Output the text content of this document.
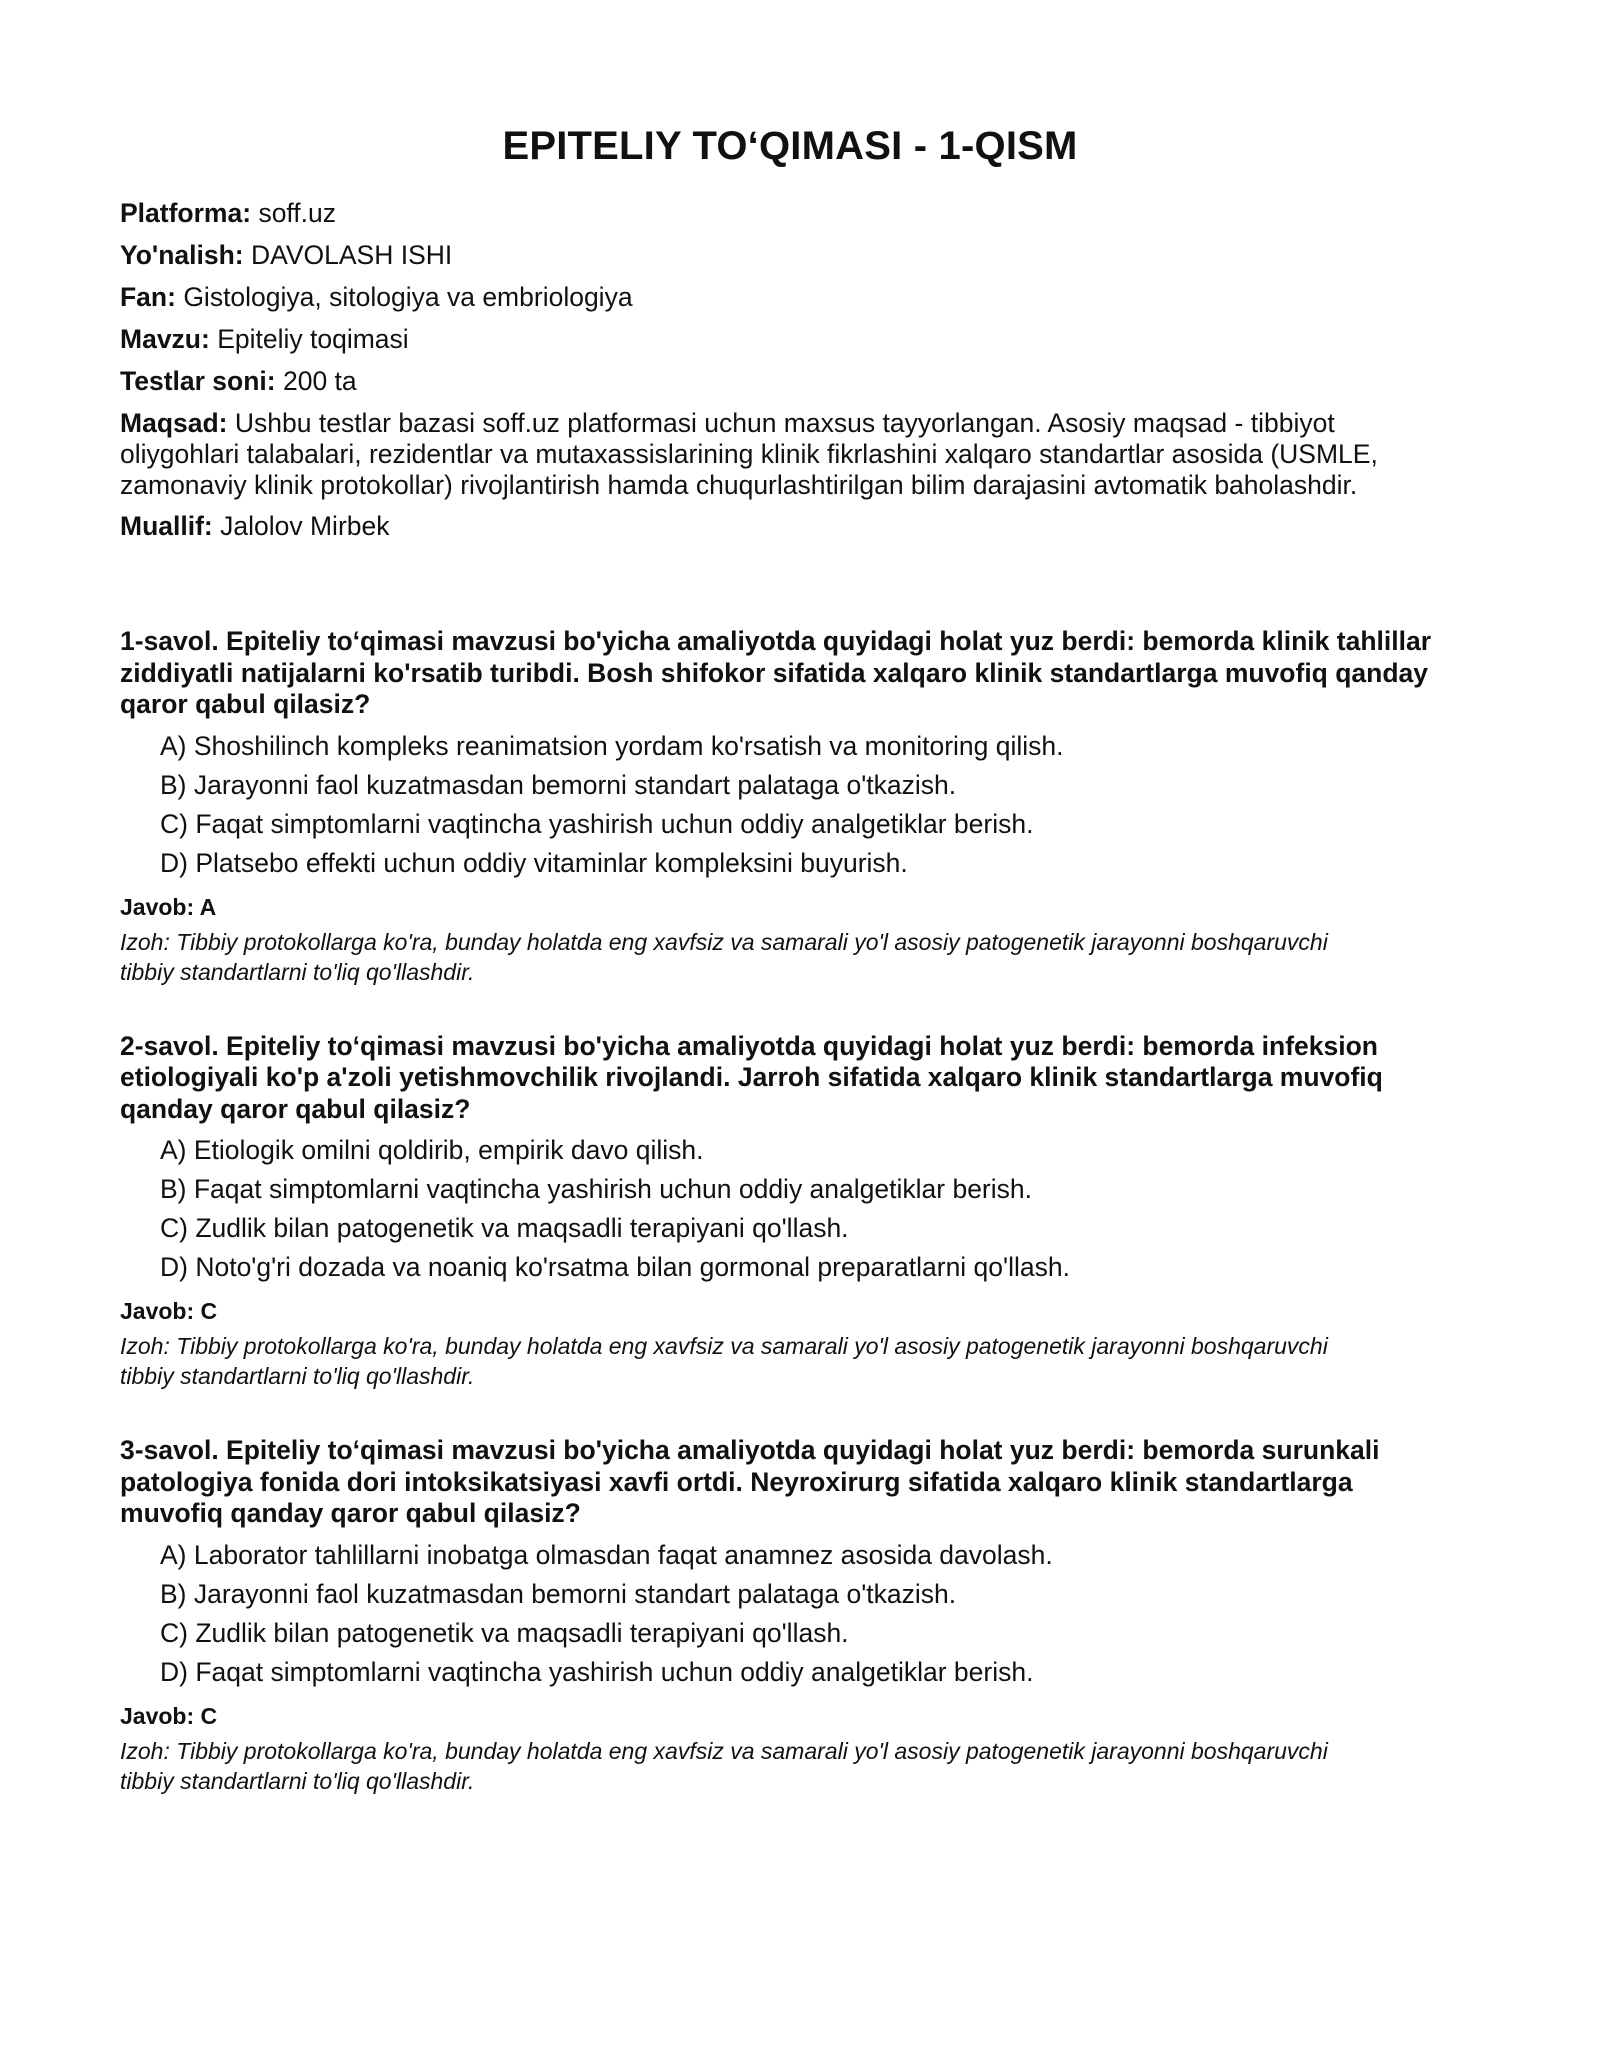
EPITELIY TO‘QIMASI - 1-QISM
Platforma: soff.uz
Yo'nalish: DAVOLASH ISHI
Fan: Gistologiya, sitologiya va embriologiya
Mavzu: Epiteliy toqimasi
Testlar soni: 200 ta
Maqsad: Ushbu testlar bazasi soff.uz platformasi uchun maxsus tayyorlangan. Asosiy maqsad - tibbiyot oliygohlari talabalari, rezidentlar va mutaxassislarining klinik fikrlashini xalqaro standartlar asosida (USMLE, zamonaviy klinik protokollar) rivojlantirish hamda chuqurlashtirilgan bilim darajasini avtomatik baholashdir.
Muallif: Jalolov Mirbek

1-savol. Epiteliy to‘qimasi mavzusi bo'yicha amaliyotda quyidagi holat yuz berdi: bemorda klinik tahlillar ziddiyatli natijalarni ko'rsatib turibdi. Bosh shifokor sifatida xalqaro klinik standartlarga muvofiq qanday qaror qabul qilasiz?

A) Shoshilinch kompleks reanimatsion yordam ko'rsatish va monitoring qilish.
B) Jarayonni faol kuzatmasdan bemorni standart palataga o'tkazish.
C) Faqat simptomlarni vaqtincha yashirish uchun oddiy analgetiklar berish.
D) Platsebo effekti uchun oddiy vitaminlar kompleksini buyurish.
Javob: A
Izoh: Tibbiy protokollarga ko'ra, bunday holatda eng xavfsiz va samarali yo'l asosiy patogenetik jarayonni boshqaruvchi tibbiy standartlarni to'liq qo'llashdir.

2-savol. Epiteliy to‘qimasi mavzusi bo'yicha amaliyotda quyidagi holat yuz berdi: bemorda infeksion etiologiyali ko'p a'zoli yetishmovchilik rivojlandi. Jarroh sifatida xalqaro klinik standartlarga muvofiq qanday qaror qabul qilasiz?

A) Etiologik omilni qoldirib, empirik davo qilish.
B) Faqat simptomlarni vaqtincha yashirish uchun oddiy analgetiklar berish.
C) Zudlik bilan patogenetik va maqsadli terapiyani qo'llash.
D) Noto'g'ri dozada va noaniq ko'rsatma bilan gormonal preparatlarni qo'llash.
Javob: C
Izoh: Tibbiy protokollarga ko'ra, bunday holatda eng xavfsiz va samarali yo'l asosiy patogenetik jarayonni boshqaruvchi tibbiy standartlarni to'liq qo'llashdir.

3-savol. Epiteliy to‘qimasi mavzusi bo'yicha amaliyotda quyidagi holat yuz berdi: bemorda surunkali patologiya fonida dori intoksikatsiyasi xavfi ortdi. Neyroxirurg sifatida xalqaro klinik standartlarga muvofiq qanday qaror qabul qilasiz?

A) Laborator tahlillarni inobatga olmasdan faqat anamnez asosida davolash.
B) Jarayonni faol kuzatmasdan bemorni standart palataga o'tkazish.
C) Zudlik bilan patogenetik va maqsadli terapiyani qo'llash.
D) Faqat simptomlarni vaqtincha yashirish uchun oddiy analgetiklar berish.
Javob: C
Izoh: Tibbiy protokollarga ko'ra, bunday holatda eng xavfsiz va samarali yo'l asosiy patogenetik jarayonni boshqaruvchi tibbiy standartlarni to'liq qo'llashdir.
